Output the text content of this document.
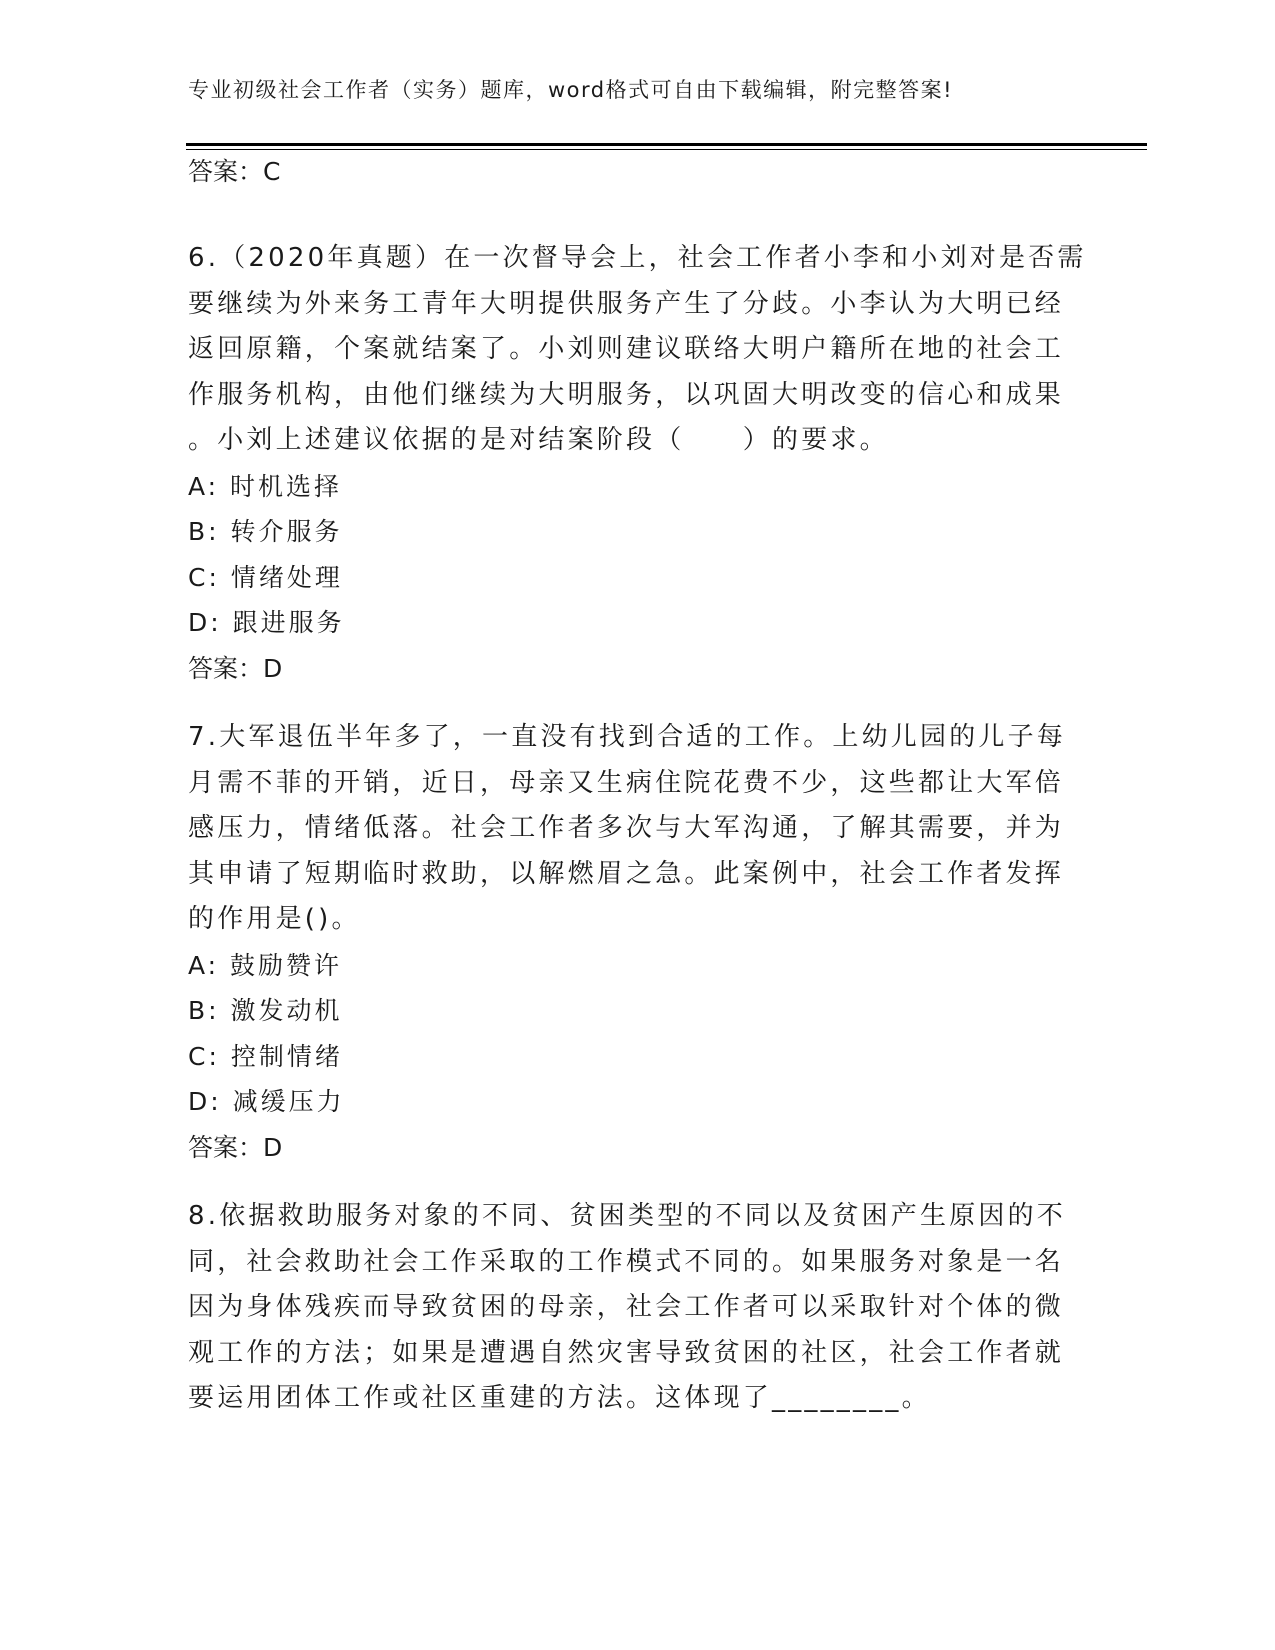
专业初级社会工作者（实务）题库，word格式可自由下载编辑，附完整答案!
答案：C
6.（2020年真题）在一次督导会上，社会工作者小李和小刘对是否需
要继续为外来务工青年大明提供服务产生了分歧。小李认为大明已经
返回原籍，个案就结案了。小刘则建议联络大明户籍所在地的社会工
作服务机构，由他们继续为大明服务，以巩固大明改变的信心和成果
。小刘上述建议依据的是对结案阶段（　　）的要求。
A: 时机选择
B: 转介服务
C: 情绪处理
D: 跟进服务
答案：D
7.大军退伍半年多了，一直没有找到合适的工作。上幼儿园的儿子每
月需不菲的开销，近日，母亲又生病住院花费不少，这些都让大军倍
感压力，情绪低落。社会工作者多次与大军沟通，了解其需要，并为
其申请了短期临时救助，以解燃眉之急。此案例中，社会工作者发挥
的作用是()。
A: 鼓励赞许
B: 激发动机
C: 控制情绪
D: 减缓压力
答案：D
8.依据救助服务对象的不同、贫困类型的不同以及贫困产生原因的不
同，社会救助社会工作采取的工作模式不同的。如果服务对象是一名
因为身体残疾而导致贫困的母亲，社会工作者可以采取针对个体的微
观工作的方法；如果是遭遇自然灾害导致贫困的社区，社会工作者就
要运用团体工作或社区重建的方法。这体现了________。
